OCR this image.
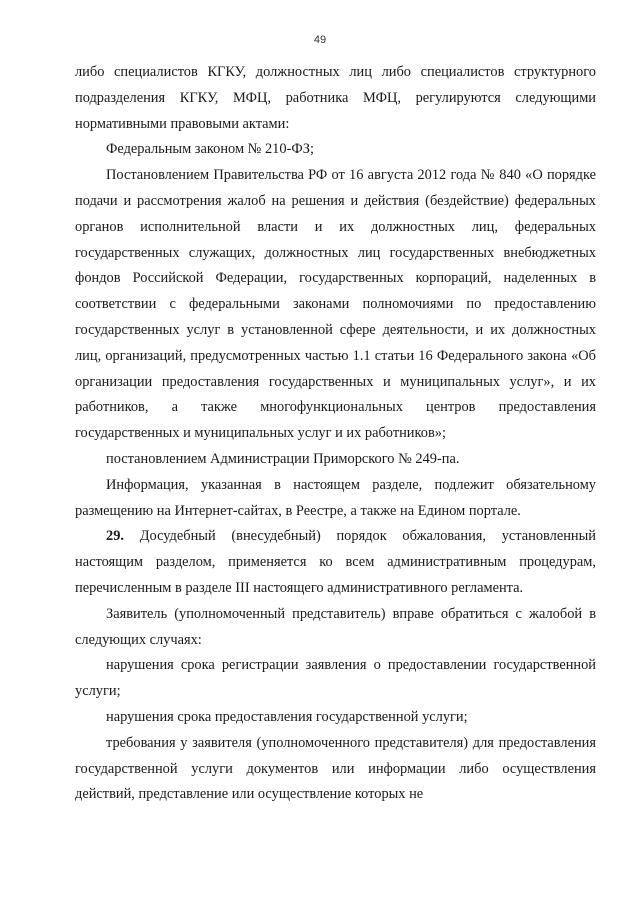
49

либо специалистов КГКУ, должностных лиц либо специалистов структурного подразделения КГКУ, МФЦ, работника МФЦ, регулируются следующими нормативными правовыми актами:

Федеральным законом № 210-ФЗ;

Постановлением Правительства РФ от 16 августа 2012 года № 840 «О порядке подачи и рассмотрения жалоб на решения и действия (бездействие) федеральных органов исполнительной власти и их должностных лиц, федеральных государственных служащих, должностных лиц государственных внебюджетных фондов Российской Федерации, государственных корпораций, наделенных в соответствии с федеральными законами полномочиями по предоставлению государственных услуг в установленной сфере деятельности, и их должностных лиц, организаций, предусмотренных частью 1.1 статьи 16 Федерального закона «Об организации предоставления государственных и муниципальных услуг», и их работников, а также многофункциональных центров предоставления государственных и муниципальных услуг и их работников»;

постановлением Администрации Приморского № 249-па.

Информация, указанная в настоящем разделе, подлежит обязательному размещению на Интернет-сайтах, в Реестре, а также на Едином портале.

29. Досудебный (внесудебный) порядок обжалования, установленный настоящим разделом, применяется ко всем административным процедурам, перечисленным в разделе III настоящего административного регламента.

Заявитель (уполномоченный представитель) вправе обратиться с жалобой в следующих случаях:

нарушения срока регистрации заявления о предоставлении государственной услуги;

нарушения срока предоставления государственной услуги;

требования у заявителя (уполномоченного представителя) для предоставления государственной услуги документов или информации либо осуществления действий, представление или осуществление которых не
